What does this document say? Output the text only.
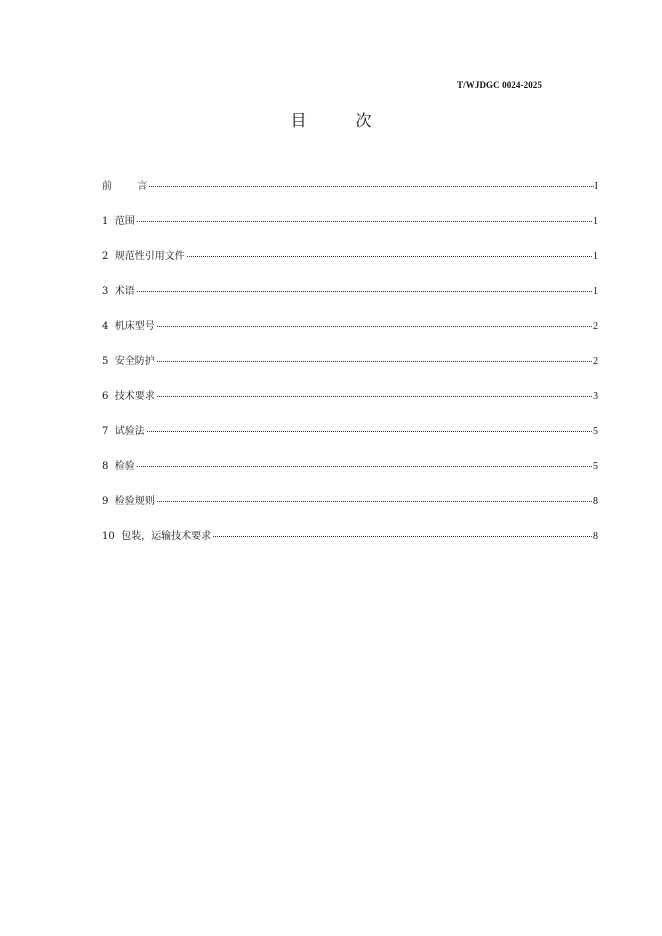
T/WJDGC 0024-2025
目 次
前        言	I
1  范围	1
2  规范性引用文件	1
3  术语	1
4  机床型号	2
5  安全防护	2
6  技术要求	3
7  试验法	5
8  检验	5
9  检验规则	8
10  包装，运输技术要求	8
